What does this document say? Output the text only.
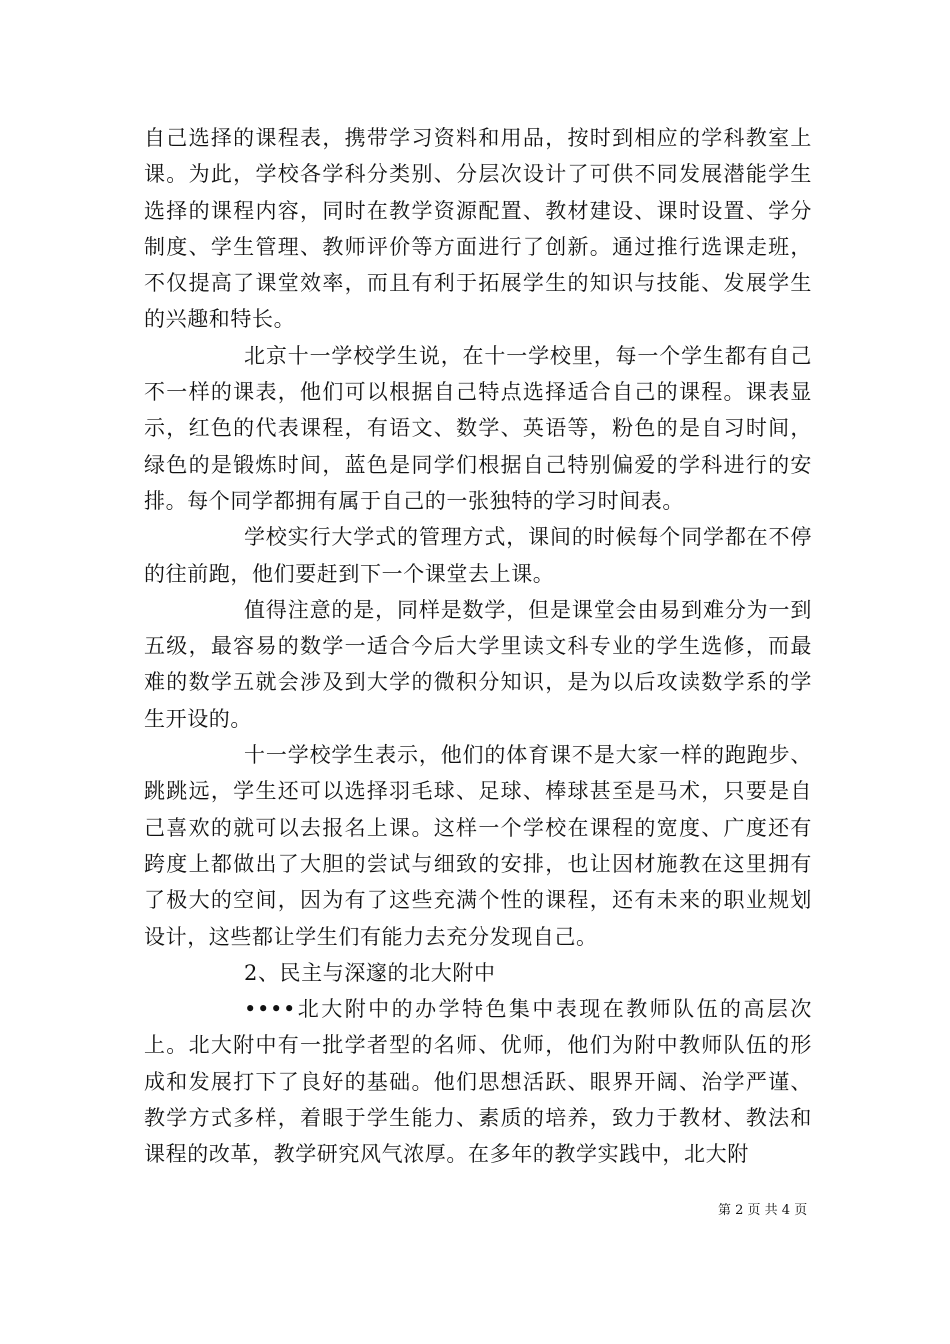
自己选择的课程表，携带学习资料和用品，按时到相应的学科教室上课。为此，学校各学科分类别、分层次设计了可供不同发展潜能学生选择的课程内容，同时在教学资源配置、教材建设、课时设置、学分制度、学生管理、教师评价等方面进行了创新。通过推行选课走班，不仅提高了课堂效率，而且有利于拓展学生的知识与技能、发展学生的兴趣和特长。

北京十一学校学生说，在十一学校里，每一个学生都有自己不一样的课表，他们可以根据自己特点选择适合自己的课程。课表显示，红色的代表课程，有语文、数学、英语等，粉色的是自习时间，绿色的是锻炼时间，蓝色是同学们根据自己特别偏爱的学科进行的安排。每个同学都拥有属于自己的一张独特的学习时间表。

学校实行大学式的管理方式，课间的时候每个同学都在不停的往前跑，他们要赶到下一个课堂去上课。

值得注意的是，同样是数学，但是课堂会由易到难分为一到五级，最容易的数学一适合今后大学里读文科专业的学生选修，而最难的数学五就会涉及到大学的微积分知识，是为以后攻读数学系的学生开设的。

十一学校学生表示，他们的体育课不是大家一样的跑跑步、跳跳远，学生还可以选择羽毛球、足球、棒球甚至是马术，只要是自己喜欢的就可以去报名上课。这样一个学校在课程的宽度、广度还有跨度上都做出了大胆的尝试与细致的安排，也让因材施教在这里拥有了极大的空间，因为有了这些充满个性的课程，还有未来的职业规划设计，这些都让学生们有能力去充分发现自己。

2、民主与深邃的北大附中

••••北大附中的办学特色集中表现在教师队伍的高层次上。北大附中有一批学者型的名师、优师，他们为附中教师队伍的形成和发展打下了良好的基础。他们思想活跃、眼界开阔、治学严谨、教学方式多样，着眼于学生能力、素质的培养，致力于教材、教法和课程的改革，教学研究风气浓厚。在多年的教学实践中，北大附

第 2 页 共 4 页
